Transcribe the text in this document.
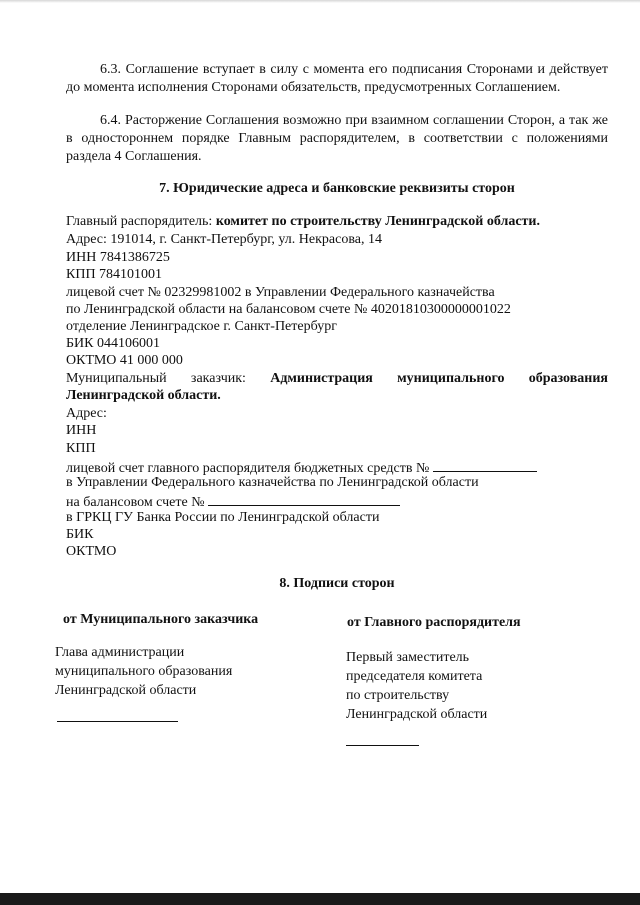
6.3. Соглашение вступает в силу с момента его подписания Сторонами и действует до момента исполнения Сторонами обязательств, предусмотренных Соглашением.

6.4. Расторжение Соглашения возможно при взаимном соглашении Сторон, а так же в одностороннем порядке Главным распорядителем, в соответствии с положениями раздела 4 Соглашения.

7. Юридические адреса и банковские реквизиты сторон

Главный распорядитель: комитет по строительству Ленинградской области.
Адрес: 191014, г. Санкт-Петербург, ул. Некрасова, 14
ИНН 7841386725
КПП 784101001
лицевой счет № 02329981002 в Управлении Федерального казначейства
по Ленинградской области на балансовом счете № 40201810300000001022
отделение Ленинградское г. Санкт-Петербург
БИК 044106001
ОКТМО 41 000 000
Муниципальный заказчик: Администрация муниципального образования
Ленинградской области.
Адрес:
ИНН
КПП
лицевой счет главного распорядителя бюджетных средств №
в Управлении Федерального казначейства по Ленинградской области
на балансовом счете №
в ГРКЦ ГУ Банка России по Ленинградской области
БИК
ОКТМО

8. Подписи сторон

от Муниципального заказчика	от Главного распорядителя
Глава администрации
муниципального образования
Ленинградской области
Первый заместитель
председателя комитета
по строительству
Ленинградской области
